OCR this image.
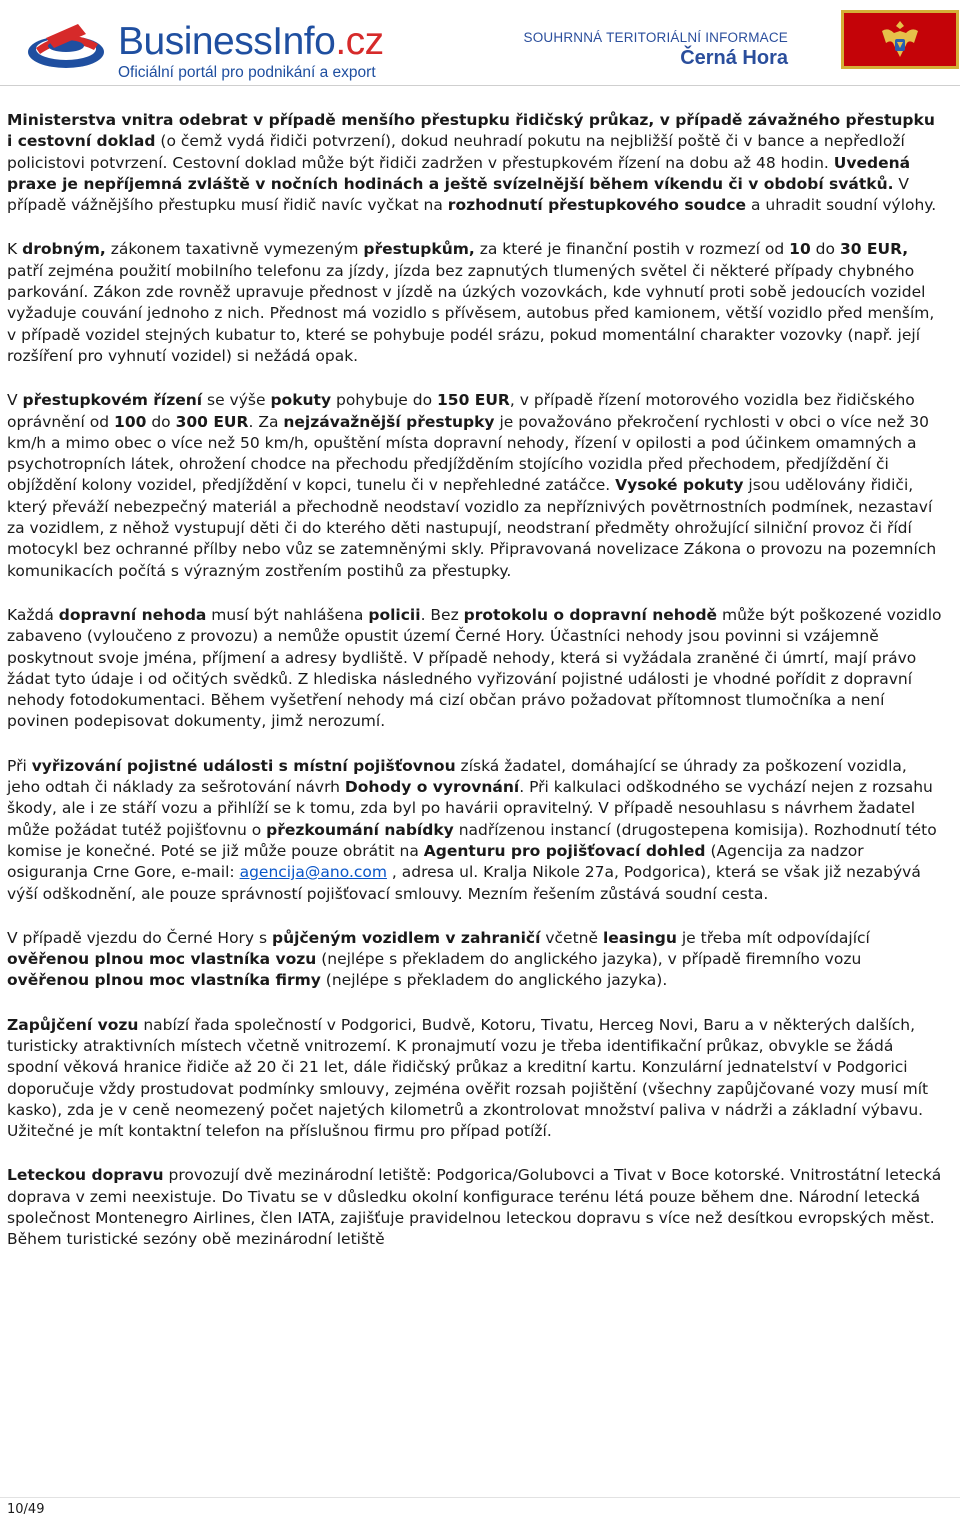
BusinessInfo.cz
Oficiální portál pro podnikání a export
SOUHRNNÁ TERITORIÁLNÍ INFORMACE
Černá Hora

Ministerstva vnitra odebrat v případě menšího přestupku řidičský průkaz, v případě závažného přestupku i cestovní doklad (o čemž vydá řidiči potvrzení), dokud neuhradí pokutu na nejbližší poště či v bance a nepředloží policistovi potvrzení. Cestovní doklad může být řidiči zadržen v přestupkovém řízení na dobu až 48 hodin. Uvedená praxe je nepříjemná zvláště v nočních hodinách a ještě svízelnější během víkendu či v období svátků. V případě vážnějšího přestupku musí řidič navíc vyčkat na rozhodnutí přestupkového soudce a uhradit soudní výlohy.

K drobným, zákonem taxativně vymezeným přestupkům, za které je finanční postih v rozmezí od 10 do 30 EUR, patří zejména použití mobilního telefonu za jízdy, jízda bez zapnutých tlumených světel či některé případy chybného parkování. Zákon zde rovněž upravuje přednost v jízdě na úzkých vozovkách, kde vyhnutí proti sobě jedoucích vozidel vyžaduje couvání jednoho z nich. Přednost má vozidlo s přívěsem, autobus před kamionem, větší vozidlo před menším, v případě vozidel stejných kubatur to, které se pohybuje podél srázu, pokud momentální charakter vozovky (např. její rozšíření pro vyhnutí vozidel) si nežádá opak.

V přestupkovém řízení se výše pokuty pohybuje do 150 EUR, v případě řízení motorového vozidla bez řidičského oprávnění od 100 do 300 EUR. Za nejzávažnější přestupky je považováno překročení rychlosti v obci o více než 30 km/h a mimo obec o více než 50 km/h, opuštění místa dopravní nehody, řízení v opilosti a pod účinkem omamných a psychotropních látek, ohrožení chodce na přechodu předjížděním stojícího vozidla před přechodem, předjíždění či objíždění kolony vozidel, předjíždění v kopci, tunelu či v nepřehledné zatáčce. Vysoké pokuty jsou udělovány řidiči, který převáží nebezpečný materiál a přechodně neodstaví vozidlo za nepříznivých povětrnostních podmínek, nezastaví za vozidlem, z něhož vystupují děti či do kterého děti nastupují, neodstraní předměty ohrožující silniční provoz či řídí motocykl bez ochranné přílby nebo vůz se zatemněnými skly. Připravovaná novelizace Zákona o provozu na pozemních komunikacích počítá s výrazným zostřením postihů za přestupky.

Každá dopravní nehoda musí být nahlášena policii. Bez protokolu o dopravní nehodě může být poškozené vozidlo zabaveno (vyloučeno z provozu) a nemůže opustit území Černé Hory. Účastníci nehody jsou povinni si vzájemně poskytnout svoje jména, příjmení a adresy bydliště. V případě nehody, která si vyžádala zraněné či úmrtí, mají právo žádat tyto údaje i od očitých svědků. Z hlediska následného vyřizování pojistné události je vhodné pořídit z dopravní nehody fotodokumentaci. Během vyšetření nehody má cizí občan právo požadovat přítomnost tlumočníka a není povinen podepisovat dokumenty, jimž nerozumí.

Při vyřizování pojistné události s místní pojišťovnou získá žadatel, domáhající se úhrady za poškození vozidla, jeho odtah či náklady za sešrotování návrh Dohody o vyrovnání. Při kalkulaci odškodného se vychází nejen z rozsahu škody, ale i ze stáří vozu a přihlíží se k tomu, zda byl po havárii opravitelný. V případě nesouhlasu s návrhem žadatel může požádat tutéž pojišťovnu o přezkoumání nabídky nadřízenou instancí (drugostepena komisija). Rozhodnutí této komise je konečné. Poté se již může pouze obrátit na Agenturu pro pojišťovací dohled (Agencija za nadzor osiguranja Crne Gore, e-mail: agencija@ano.com , adresa ul. Kralja Nikole 27a, Podgorica), která se však již nezabývá výší odškodnění, ale pouze správností pojišťovací smlouvy. Mezním řešením zůstává soudní cesta.

V případě vjezdu do Černé Hory s půjčeným vozidlem v zahraničí včetně leasingu je třeba mít odpovídající ověřenou plnou moc vlastníka vozu (nejlépe s překladem do anglického jazyka), v případě firemního vozu ověřenou plnou moc vlastníka firmy (nejlépe s překladem do anglického jazyka).

Zapůjčení vozu nabízí řada společností v Podgorici, Budvě, Kotoru, Tivatu, Herceg Novi, Baru a v některých dalších, turisticky atraktivních místech včetně vnitrozemí. K pronajmutí vozu je třeba identifikační průkaz, obvykle se žádá spodní věková hranice řidiče až 20 či 21 let, dále řidičský průkaz a kreditní kartu. Konzulární jednatelství v Podgorici doporučuje vždy prostudovat podmínky smlouvy, zejména ověřit rozsah pojištění (všechny zapůjčované vozy musí mít kasko), zda je v ceně neomezený počet najetých kilometrů a zkontrolovat množství paliva v nádrži a základní výbavu. Užitečné je mít kontaktní telefon na příslušnou firmu pro případ potíží.

Leteckou dopravu provozují dvě mezinárodní letiště: Podgorica/Golubovci a Tivat v Boce kotorské. Vnitrostátní letecká doprava v zemi neexistuje. Do Tivatu se v důsledku okolní konfigurace terénu létá pouze během dne. Národní letecká společnost Montenegro Airlines, člen IATA, zajišťuje pravidelnou leteckou dopravu s více než desítkou evropských měst. Během turistické sezóny obě mezinárodní letiště

10/49
